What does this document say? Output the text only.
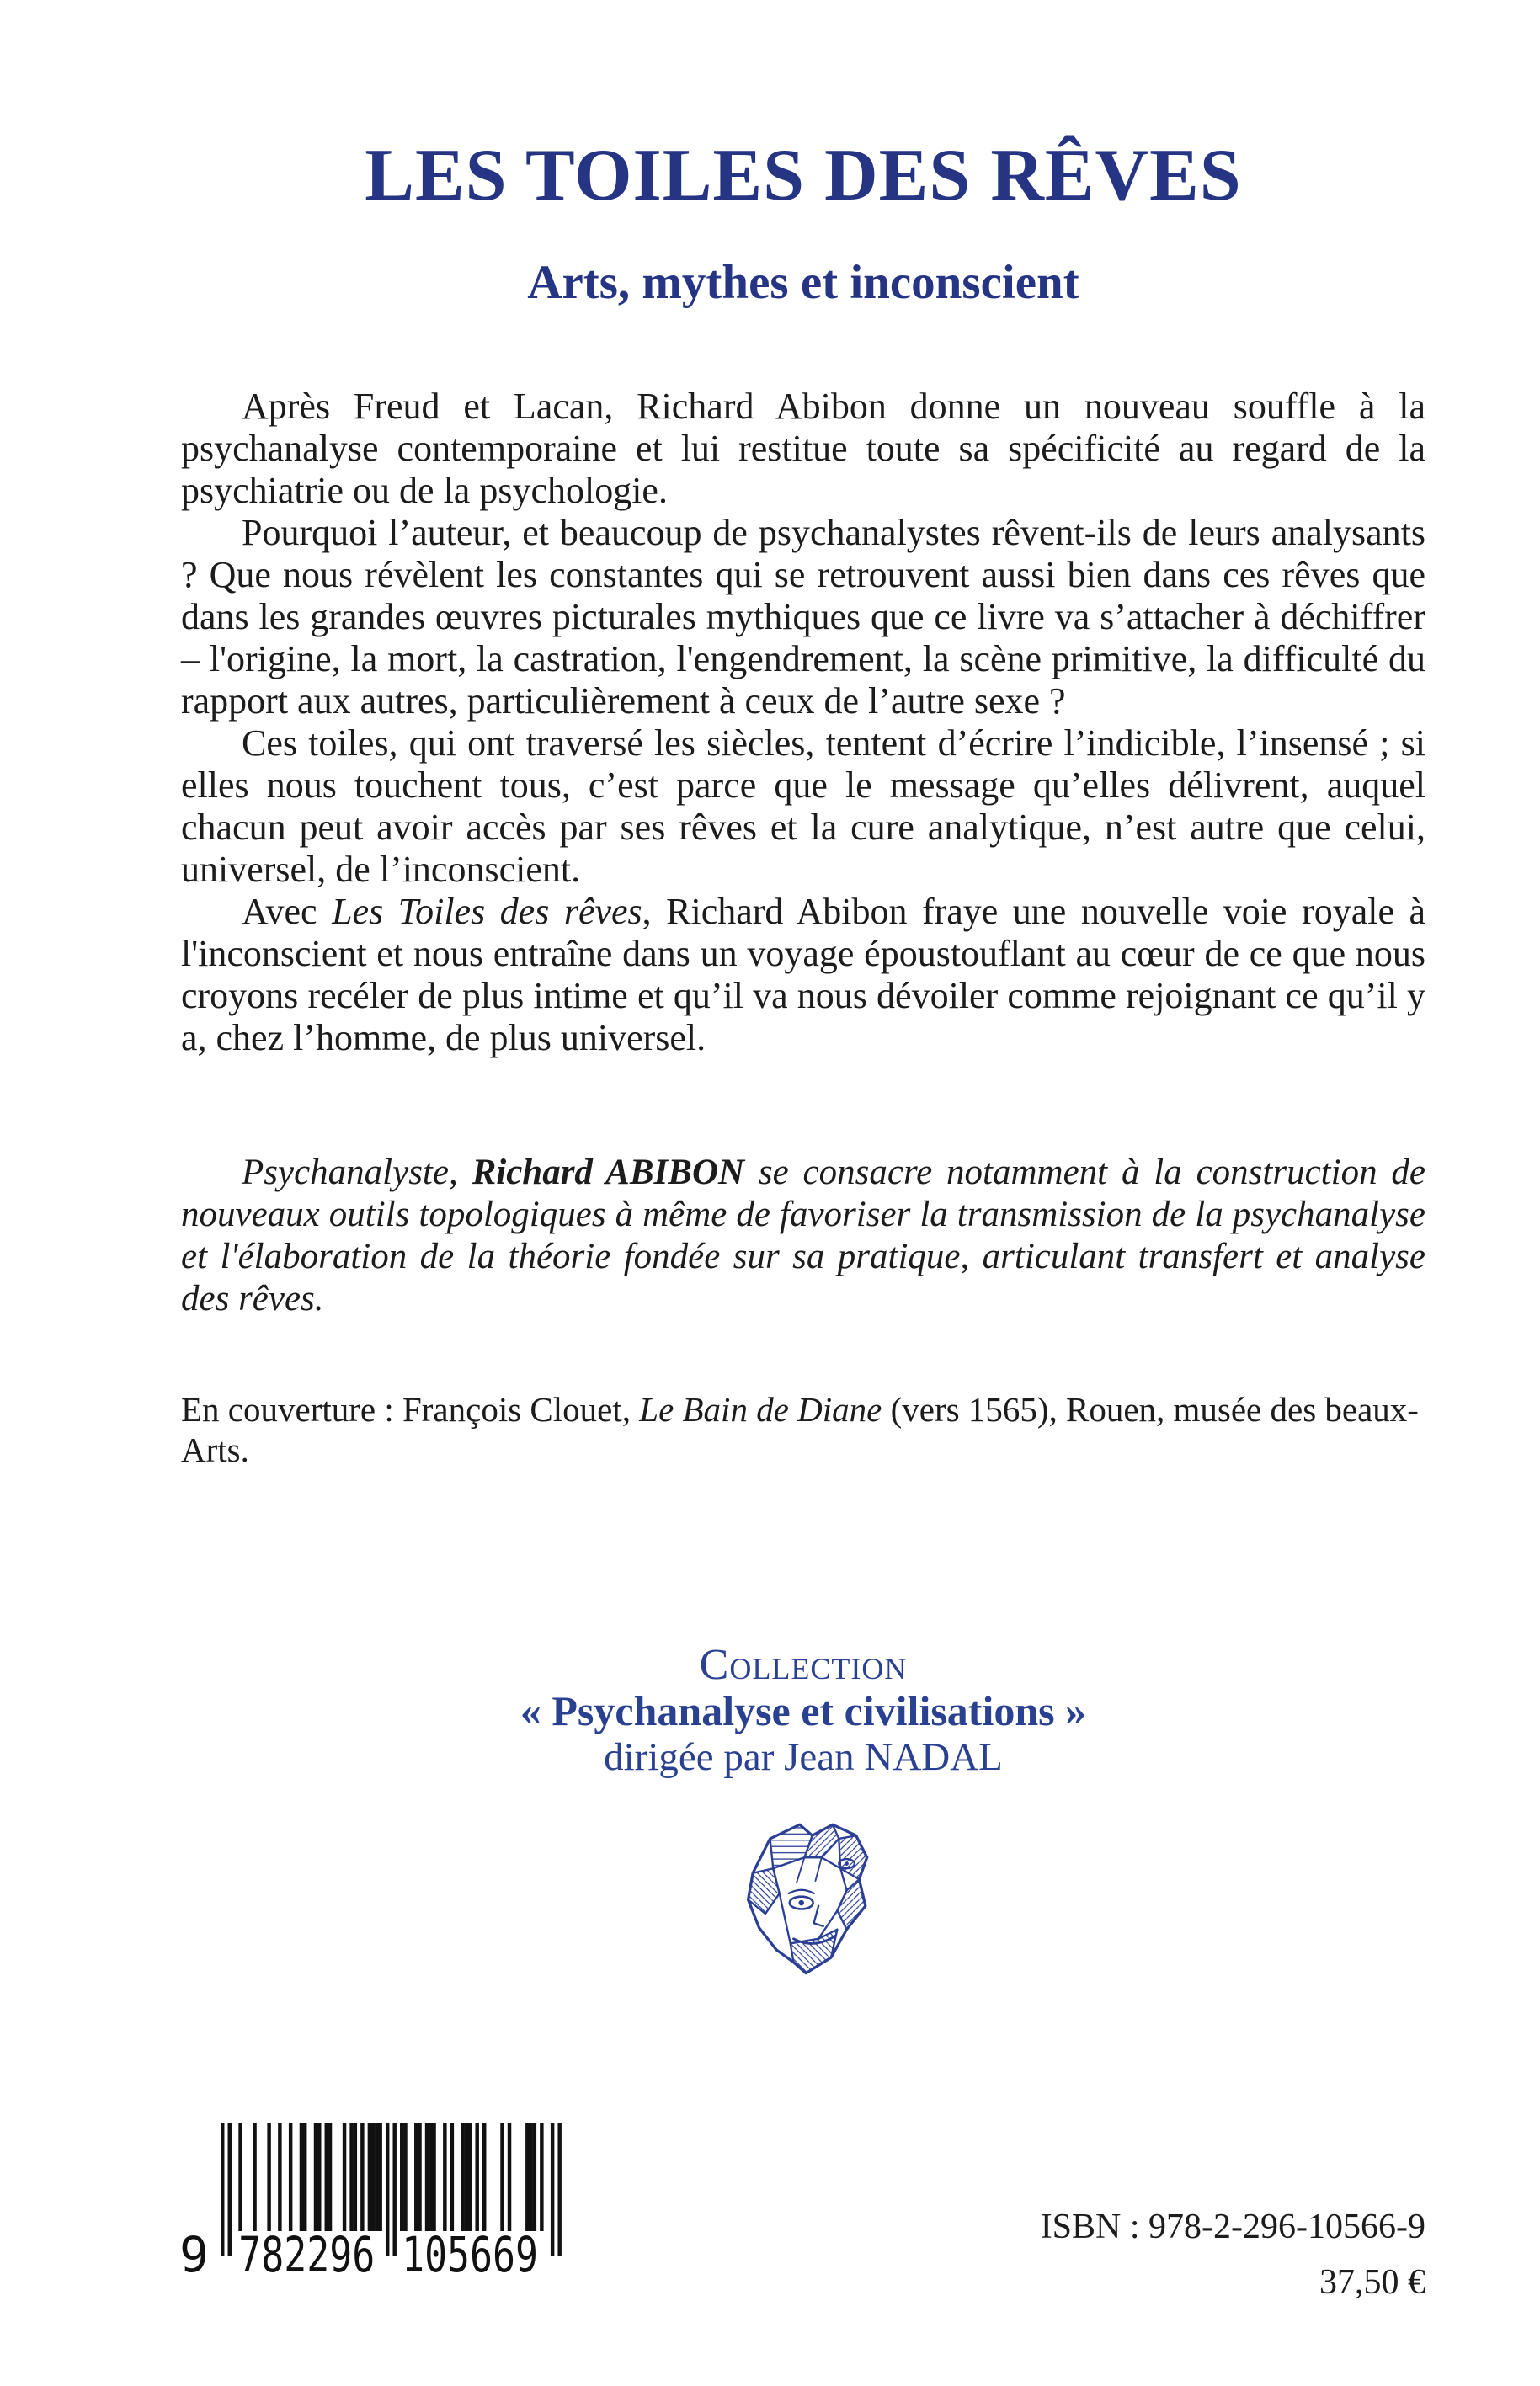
LES TOILES DES RÊVES
Arts, mythes et inconscient

Après Freud et Lacan, Richard Abibon donne un nouveau souffle à la psychanalyse contemporaine et lui restitue toute sa spécificité au regard de la psychiatrie ou de la psychologie.

Pourquoi l’auteur, et beaucoup de psychanalystes rêvent-ils de leurs analysants ? Que nous révèlent les constantes qui se retrouvent aussi bien dans ces rêves que dans les grandes œuvres picturales mythiques que ce livre va s’attacher à déchiffrer – l'origine, la mort, la castration, l'engendrement, la scène primitive, la difficulté du rapport aux autres, particulièrement à ceux de l’autre sexe ?

Ces toiles, qui ont traversé les siècles, tentent d’écrire l’indicible, l’insensé ; si elles nous touchent tous, c’est parce que le message qu’elles délivrent, auquel chacun peut avoir accès par ses rêves et la cure analytique, n’est autre que celui, universel, de l’inconscient.

Avec Les Toiles des rêves, Richard Abibon fraye une nouvelle voie royale à l'inconscient et nous entraîne dans un voyage époustouflant au cœur de ce que nous croyons recéler de plus intime et qu’il va nous dévoiler comme rejoignant ce qu’il y a, chez l’homme, de plus universel.

Psychanalyste, Richard ABIBON se consacre notamment à la construction de nouveaux outils topologiques à même de favoriser la transmission de la psychanalyse et l'élaboration de la théorie fondée sur sa pratique, articulant transfert et analyse des rêves.

En couverture : François Clouet, Le Bain de Diane (vers 1565), Rouen, musée des beaux-Arts.

Collection
« Psychanalyse et civilisations »
dirigée par Jean NADAL
9 782296 105669	ISBN : 978-2-296-10566-9
37,50 €
